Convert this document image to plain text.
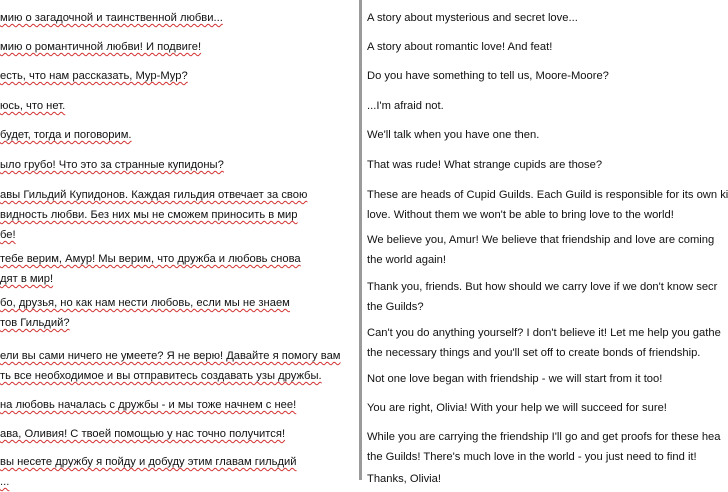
мию о загадочной и таинственной любви...
мию о романтичной любви! И подвиге!
есть, что нам рассказать, Мур-Мур?
юсь, что нет.
будет, тогда и поговорим.
ыло грубо! Что это за странные купидоны?
авы Гильдий Купидонов. Каждая гильдия отвечает за свою
видность любви. Без них мы не сможем приносить в мир
бе!
тебе верим, Амур! Мы верим, что дружба и любовь снова
дят в мир!
бо, друзья, но как нам нести любовь, если мы не знаем
тов Гильдий?
ели вы сами ничего не умеете? Я не верю! Давайте я помогу вам
ть все необходимое и вы отправитесь создавать узы дружбы.
на любовь началась с дружбы - и мы тоже начнем с нее!
ава, Оливия! С твоей помощью у нас точно получится!
вы несете дружбу я пойду и добуду этим главам гильдий
...
A story about mysterious and secret love...
A story about romantic love! And feat!
Do you have something to tell us, Moore-Moore?
...I'm afraid not.
We'll talk when you have one then.
That was rude! What strange cupids are those?
These are heads of Cupid Guilds. Each Guild is responsible for its own ki
love. Without them we won't be able to bring love to the world!
We believe you, Amur! We believe that friendship and love are coming
the world again!
Thank you, friends. But how should we carry love if we don't know secr
the Guilds?
Can't you do anything yourself? I don't believe it! Let me help you gathe
the necessary things and you'll set off to create bonds of friendship.
Not one love began with friendship - we will start from it too!
You are right, Olivia! With your help we will succeed for sure!
While you are carrying the friendship I'll go and get proofs for these hea
the Guilds! There's much love in the world - you just need to find it!
Thanks, Olivia!
